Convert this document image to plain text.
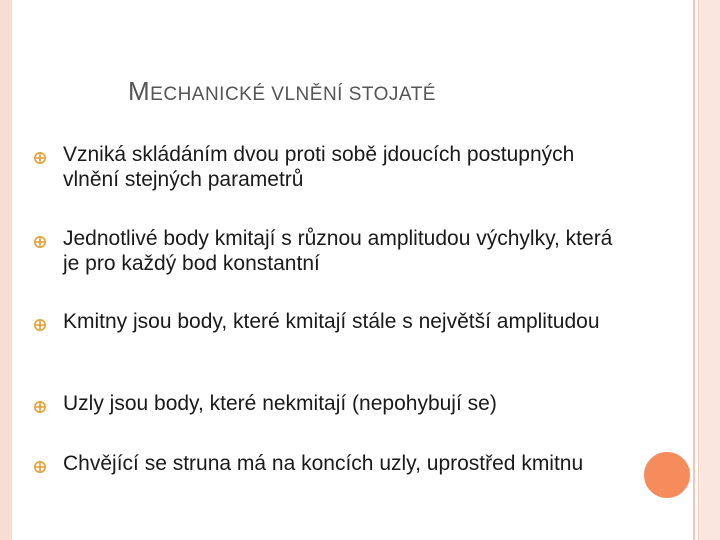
MECHANICKÉ VLNĚNÍ STOJATÉ
Vzniká skládáním dvou proti sobě jdoucích postupných vlnění stejných parametrů
Jednotlivé body kmitají s různou amplitudou výchylky, která je pro každý bod konstantní
Kmitny jsou body, které kmitají stále s největší amplitudou
Uzly jsou body, které nekmitají (nepohybují se)
Chvějící se struna má na koncích uzly, uprostřed kmitnu
